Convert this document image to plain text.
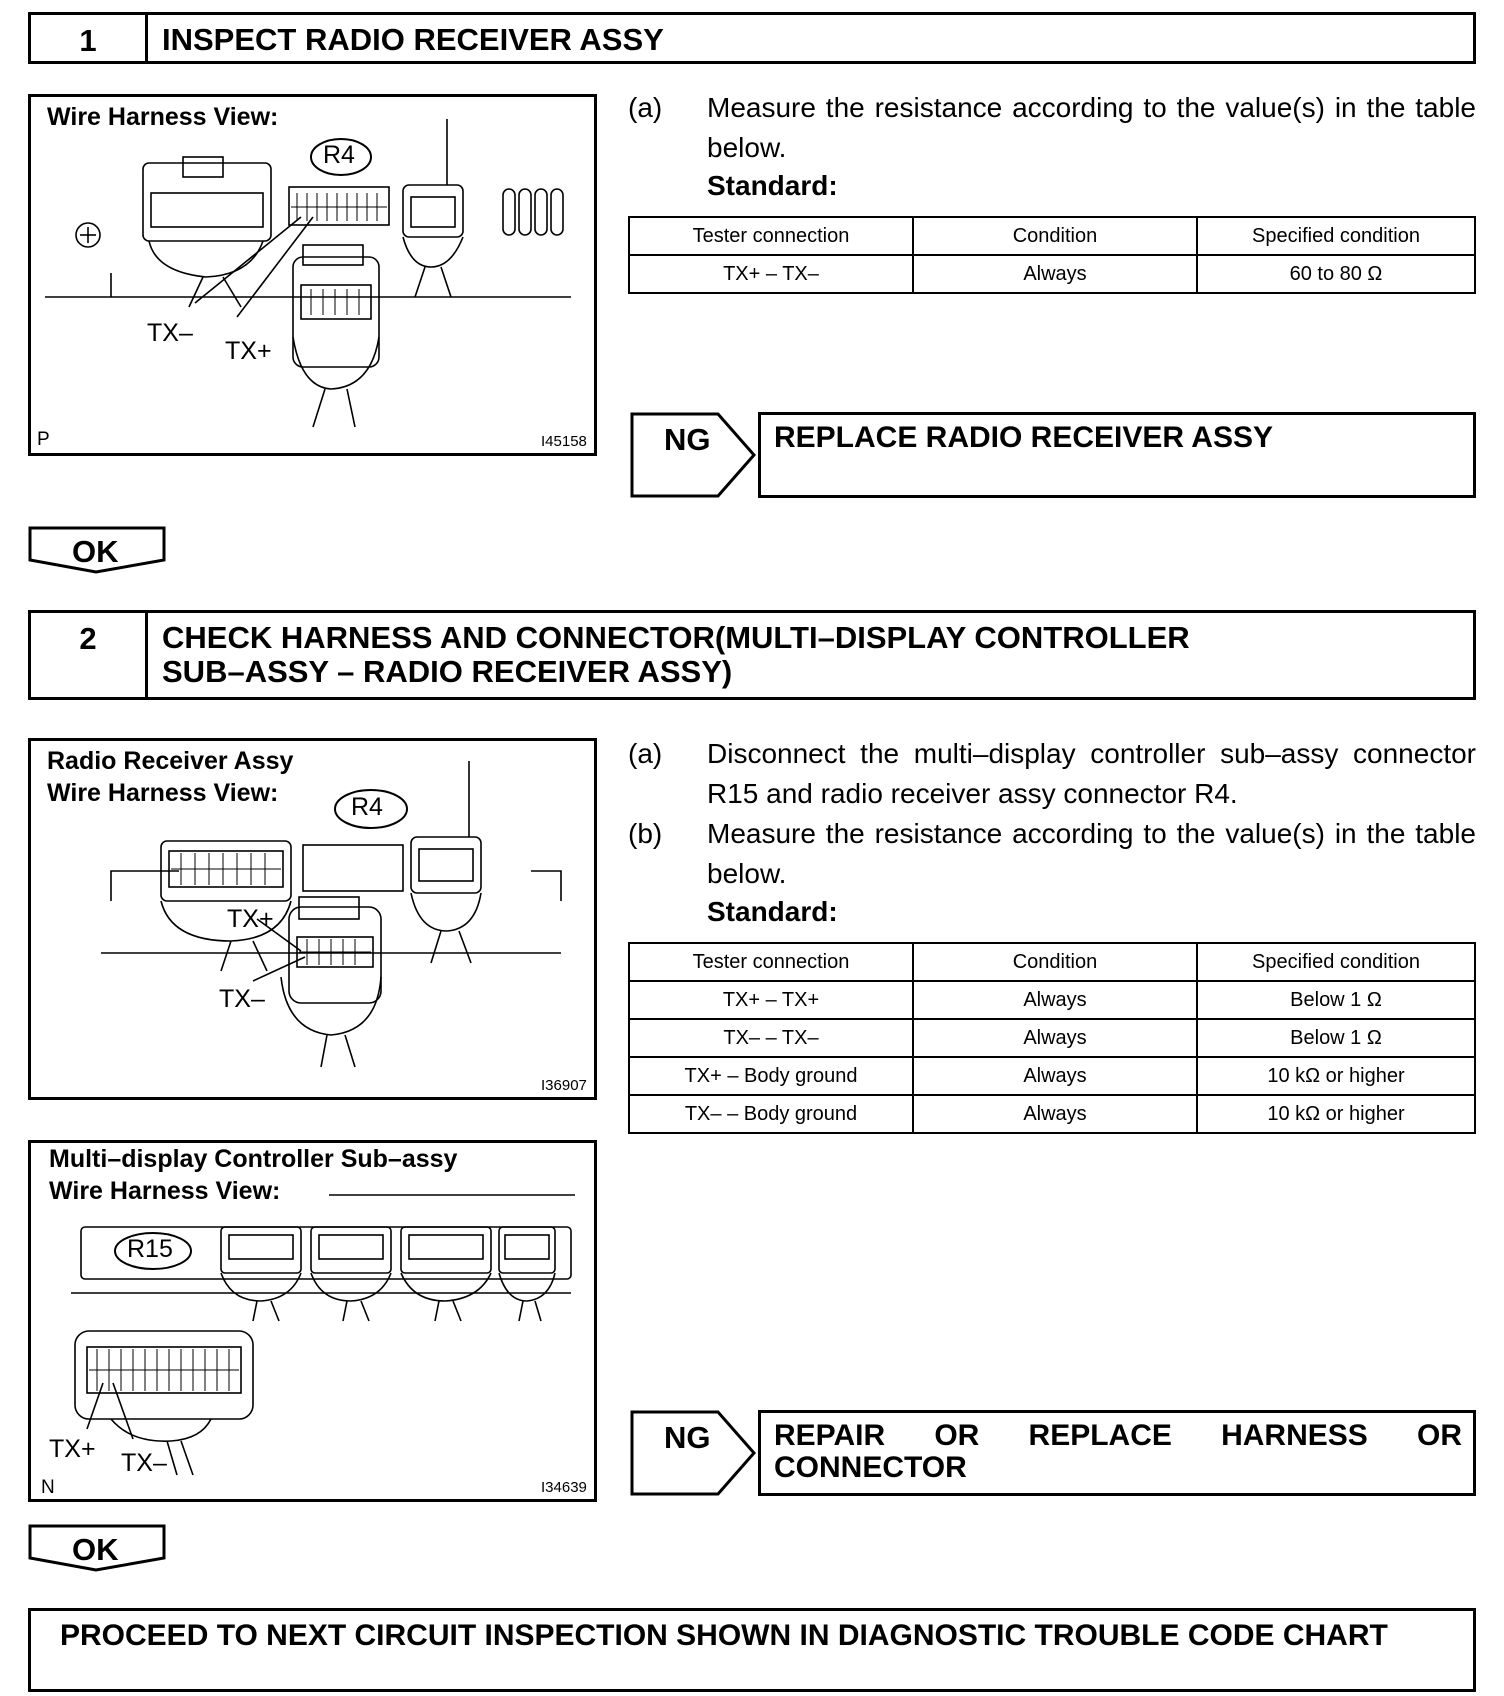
1	INSPECT RADIO RECEIVER ASSY
Wire Harness View:
R4
TX–
TX+
P	I45158
(a) Measure the resistance according to the value(s) in the table below.
Standard:
Tester connection	Condition	Specified condition
TX+ – TX–	Always	60 to 80 Ω
NG REPLACE RADIO RECEIVER ASSY
OK
2	CHECK HARNESS AND CONNECTOR(MULTI–DISPLAY CONTROLLER
SUB–ASSY – RADIO RECEIVER ASSY)
Radio Receiver Assy
Wire Harness View:	R4
TX+
TX–
I36907
Multi–display Controller Sub–assy
Wire Harness View:
R15
TX+ TX–
N	I34639
(a) Disconnect the multi–display controller sub–assy connector R15 and radio receiver assy connector R4.
(b) Measure the resistance according to the value(s) in the table below.
Standard:
Tester connection	Condition	Specified condition
TX+ – TX+	Always	Below 1 Ω
TX– – TX–	Always	Below 1 Ω
TX+ – Body ground	Always	10 kΩ or higher
TX– – Body ground	Always	10 kΩ or higher
NG REPAIR OR REPLACE HARNESS OR
CONNECTOR
OK
PROCEED TO NEXT CIRCUIT INSPECTION SHOWN IN DIAGNOSTIC TROUBLE CODE CHART
